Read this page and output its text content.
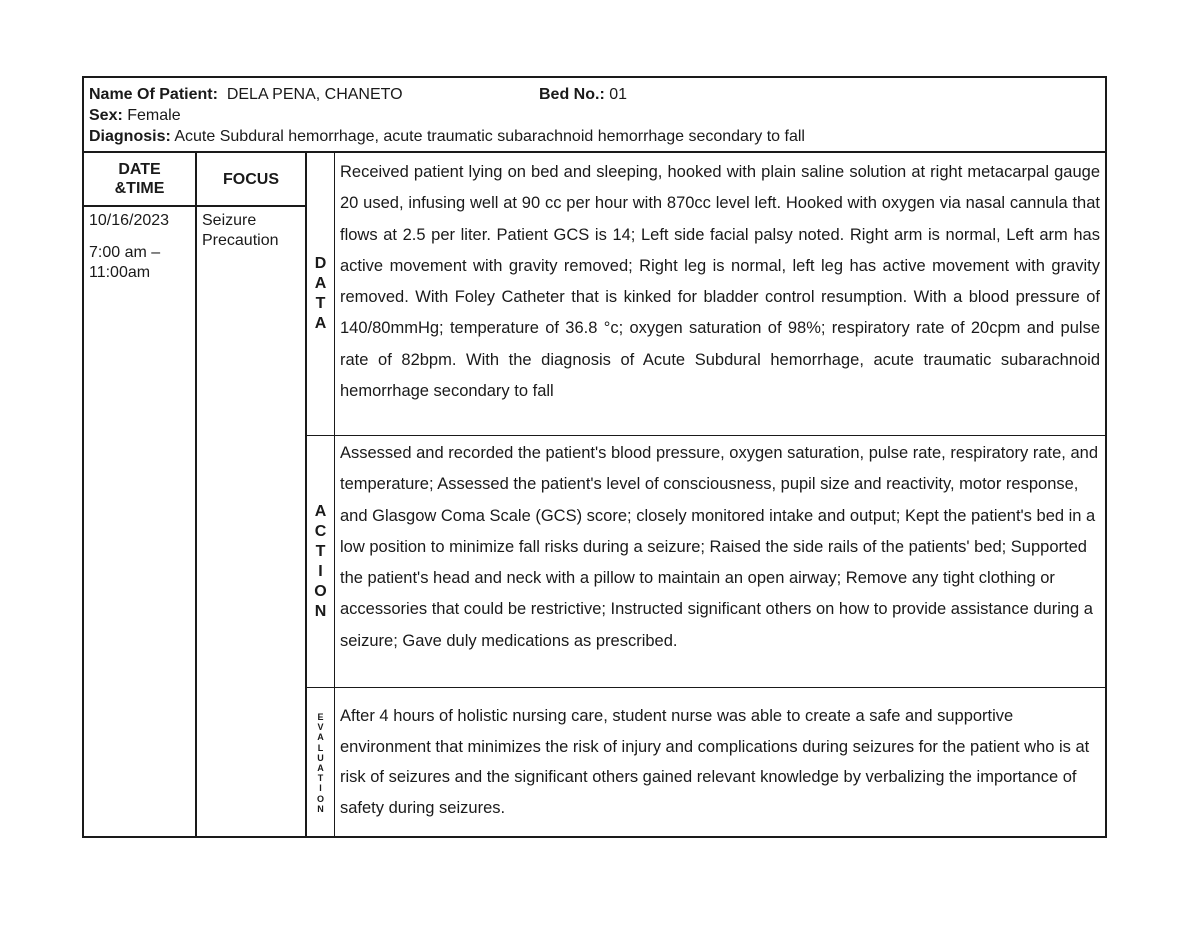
Name Of Patient: DELA PENA, CHANETO	Bed No.: 01
Sex: Female
Diagnosis: Acute Subdural hemorrhage, acute traumatic subarachnoid hemorrhage secondary to fall
DATE
&TIME
10/16/2023
7:00 am –
11:00am
FOCUS
Seizure
Precaution
D
A
T
A
Received patient lying on bed and sleeping, hooked with plain saline solution at right metacarpal gauge 20 used, infusing well at 90 cc per hour with 870cc level left. Hooked with oxygen via nasal cannula that flows at 2.5 per liter. Patient GCS is 14; Left side facial palsy noted. Right arm is normal, Left arm has active movement with gravity removed; Right leg is normal, left leg has active movement with gravity removed. With Foley Catheter that is kinked for bladder control resumption. With a blood pressure of 140/80mmHg; temperature of 36.8 °c; oxygen saturation of 98%; respiratory rate of 20cpm and pulse rate of 82bpm. With the diagnosis of Acute Subdural hemorrhage, acute traumatic subarachnoid hemorrhage secondary to fall
A
C
T
I
O
N
Assessed and recorded the patient's blood pressure, oxygen saturation, pulse rate, respiratory rate, and temperature; Assessed the patient's level of consciousness, pupil size and reactivity, motor response, and Glasgow Coma Scale (GCS) score; closely monitored intake and output; Kept the patient's bed in a low position to minimize fall risks during a seizure; Raised the side rails of the patients' bed; Supported the patient's head and neck with a pillow to maintain an open airway; Remove any tight clothing or accessories that could be restrictive; Instructed significant others on how to provide assistance during a seizure; Gave duly medications as prescribed.
E
V
A
L
U
A
T
I
O
N
After 4 hours of holistic nursing care, student nurse was able to create a safe and supportive environment that minimizes the risk of injury and complications during seizures for the patient who is at risk of seizures and the significant others gained relevant knowledge by verbalizing the importance of safety during seizures.
